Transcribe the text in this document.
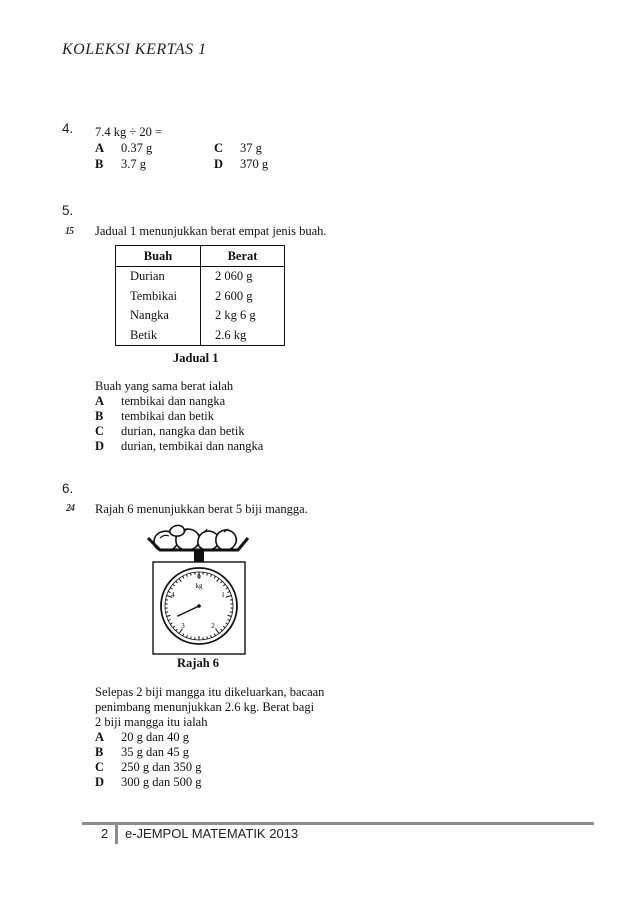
KOLEKSI KERTAS 1
4. 7.4 kg ÷ 20 =
A 0.37 g
B 3.7 g
C 37 g
D 370 g
5.
15 Jadual 1 menunjukkan berat empat jenis buah.
Buah	Berat
Durian	2 060 g
Tembikai	2 600 g
Nangka	2 kg 6 g
Betik	2.6 kg
Jadual 1
Buah yang sama berat ialah
A tembikai dan nangka
B tembikai dan betik
C durian, nangka dan betik
D durian, tembikai dan nangka
6.
24 Rajah 6 menunjukkan berat 5 biji mangga.
0
1
2
3
4
kg
Rajah 6
Selepas 2 biji mangga itu dikeluarkan, bacaan
penimbang menunjukkan 2.6 kg. Berat bagi
2 biji mangga itu ialah
A 20 g dan 40 g
B 35 g dan 45 g
C 250 g dan 350 g
D 300 g dan 500 g
2 e-JEMPOL MATEMATIK 2013
